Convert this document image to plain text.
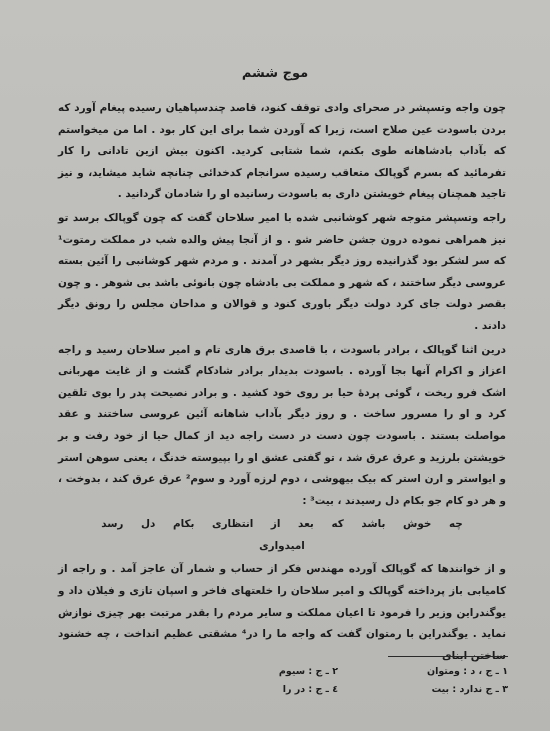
موج ششم

چون واجه وتسپشر در صحرای وادی توقف کنود، قاصد چندسپاهیان رسیده پیغام آورد که بردن باسودت عین صلاح است، زیرا که آوردن شما برای این کار بود . اما من میخواستم که بآداب بادشاهانه طوی بکنم، شما شتابی کردید. اکنون بیش ازین تادانی را کار تفرمائید که بسرم گوپالک متعاقب رسیده سرانجام کدخدائی چنانچه شاید میشاید، و نیز تاجید همچنان پیغام خویشتن داری به باسودت رسانیده او را شادمان گردانید .

راجه وتسپشر متوجه شهر کوشانبی شده با امیر سلاحان گفت که چون گوپالک برسد تو نیز همراهی نموده درون جشن حاضر شو . و از آنجا پیش والده شب در مملکت رمتوت¹ که سر لشکر بود گذرانیده روز دیگر بشهر در آمدند . و مردم شهر کوشانبی را آئین بسته عروسی دیگر ساختند ، که شهر و مملکت بی بادشاه چون بانوئی باشد بی شوهر . و چون بقصر دولت جای کرد دولت دیگر باوری کنود و قوالان و مداحان مجلس را رونق دیگر دادند .

درین اثنا گوپالک ، برادر باسودت ، با قاصدی برق هاری تام و امیر سلاحان رسید و راجه اعزاز و اکرام آنها بجا آورده . باسودت بدیدار برادر شادکام گشت و از غایت مهربانی اشک فرو ریخت ، گوئی پردۀ حیا بر روی خود کشید . و برادر نصیحت پدر را بوی تلقین کرد و او را مسرور ساخت . و روز دیگر بآداب شاهانه آئین عروسی ساختند و عقد مواصلت بستند . باسودت چون دست در دست راجه دید از کمال حیا از خود رفت و بر خویشتن بلرزید و عرق عرق شد ، تو گفتی عشق او را بپیوسته خدنگ ، یعنی سوهن استر و ایواستر و ارن استر که بیک بیهوشی ، دوم لرزه آورد و سوم² عرق عرق کند ، بدوخت ، و هر دو کام جو بکام دل رسیدند ، بیت³ :

چه خوش باشد که بعد از انتظاری بکام دل رسد امیدواری

و از خوانندها که گوپالک آورده مهندس فکر از حساب و شمار آن عاجز آمد . و راجه از کامیابی باز پرداخته گوپالک و امیر سلاحان را خلعتهای فاخر و اسپان تازی و فیلان داد و یوگندراین وزیر را فرمود تا اعیان مملکت و سایر مردم را بقدر مرتبت بهر چیزی نوازش نماید . یوگندراین با رمتوان گفت که واجه ما را در⁴ مشقتی عظیم انداخت ، چه خشنود ساختن ابنای

١ ـ ج ، د : ومتوان
٢ ـ ج : سیوم
٣ ـ ج ندارد : بیت
٤ ـ ج : در را
